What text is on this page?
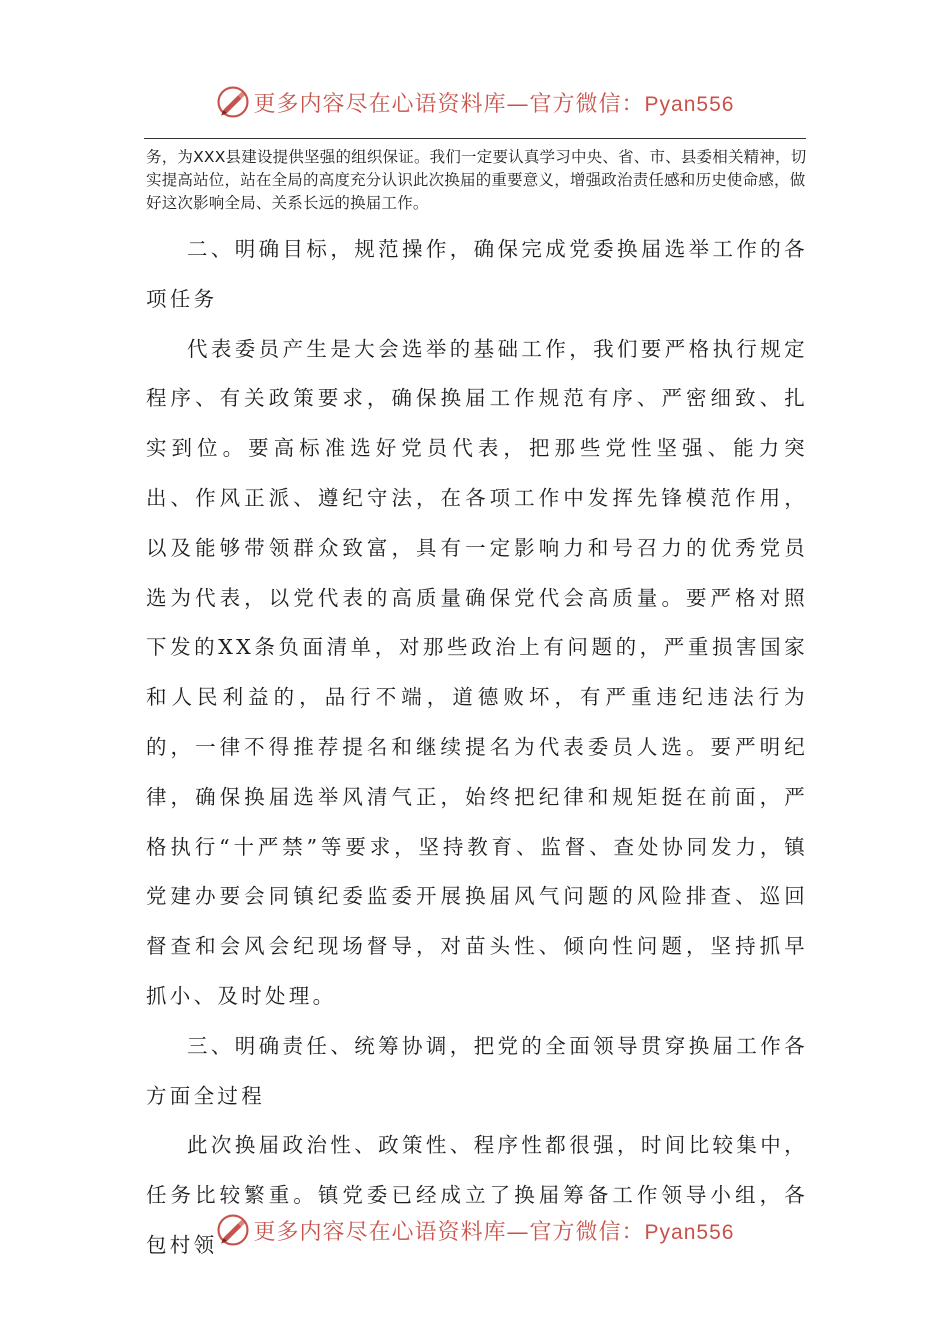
更多内容尽在心语资料库—官方微信：Pyan556

务，为XXX县建设提供坚强的组织保证。我们一定要认真学习中央、省、市、县委相关精神，切实提高站位，站在全局的高度充分认识此次换届的重要意义，增强政治责任感和历史使命感，做好这次影响全局、关系长远的换届工作。

二、明确目标，规范操作，确保完成党委换届选举工作的各项任务

代表委员产生是大会选举的基础工作，我们要严格执行规定程序、有关政策要求，确保换届工作规范有序、严密细致、扎实到位。要高标准选好党员代表，把那些党性坚强、能力突出、作风正派、遵纪守法，在各项工作中发挥先锋模范作用，以及能够带领群众致富，具有一定影响力和号召力的优秀党员选为代表，以党代表的高质量确保党代会高质量。要严格对照下发的XX条负面清单，对那些政治上有问题的，严重损害国家和人民利益的，品行不端，道德败坏，有严重违纪违法行为的，一律不得推荐提名和继续提名为代表委员人选。要严明纪律，确保换届选举风清气正，始终把纪律和规矩挺在前面，严格执行“十严禁”等要求，坚持教育、监督、查处协同发力，镇党建办要会同镇纪委监委开展换届风气问题的风险排查、巡回督查和会风会纪现场督导，对苗头性、倾向性问题，坚持抓早抓小、及时处理。

三、明确责任、统筹协调，把党的全面领导贯穿换届工作各方面全过程

此次换届政治性、政策性、程序性都很强，时间比较集中，任务比较繁重。镇党委已经成立了换届筹备工作领导小组，各包村领

更多内容尽在心语资料库—官方微信：Pyan556
